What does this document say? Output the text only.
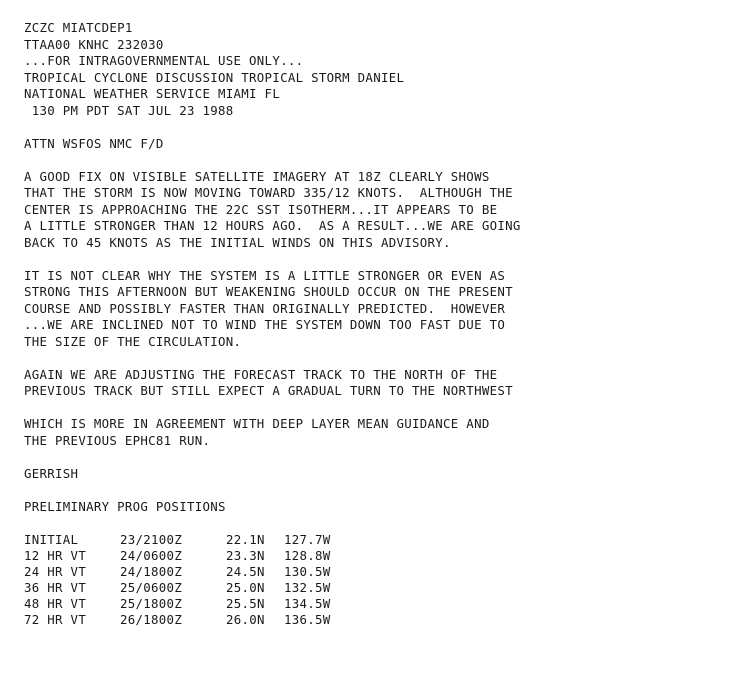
ZCZC MIATCDEP1
TTAA00 KNHC 232030
...FOR INTRAGOVERNMENTAL USE ONLY...
TROPICAL CYCLONE DISCUSSION TROPICAL STORM DANIEL
NATIONAL WEATHER SERVICE MIAMI FL
130 PM PDT SAT JUL 23 1988
ATTN WSFOS NMC F/D
A GOOD FIX ON VISIBLE SATELLITE IMAGERY AT 18Z CLEARLY SHOWS
THAT THE STORM IS NOW MOVING TOWARD 335/12 KNOTS.  ALTHOUGH THE
CENTER IS APPROACHING THE 22C SST ISOTHERM...IT APPEARS TO BE
A LITTLE STRONGER THAN 12 HOURS AGO.  AS A RESULT...WE ARE GOING
BACK TO 45 KNOTS AS THE INITIAL WINDS ON THIS ADVISORY.
IT IS NOT CLEAR WHY THE SYSTEM IS A LITTLE STRONGER OR EVEN AS
STRONG THIS AFTERNOON BUT WEAKENING SHOULD OCCUR ON THE PRESENT
COURSE AND POSSIBLY FASTER THAN ORIGINALLY PREDICTED.  HOWEVER
...WE ARE INCLINED NOT TO WIND THE SYSTEM DOWN TOO FAST DUE TO
THE SIZE OF THE CIRCULATION.
AGAIN WE ARE ADJUSTING THE FORECAST TRACK TO THE NORTH OF THE
PREVIOUS TRACK BUT STILL EXPECT A GRADUAL TURN TO THE NORTHWEST
WHICH IS MORE IN AGREEMENT WITH DEEP LAYER MEAN GUIDANCE AND
THE PREVIOUS EPHC81 RUN.
GERRISH
PRELIMINARY PROG POSITIONS
INITIAL	23/2100Z	22.1N	127.7W
12 HR VT	24/0600Z	23.3N	128.8W
24 HR VT	24/1800Z	24.5N	130.5W
36 HR VT	25/0600Z	25.0N	132.5W
48 HR VT	25/1800Z	25.5N	134.5W
72 HR VT	26/1800Z	26.0N	136.5W
